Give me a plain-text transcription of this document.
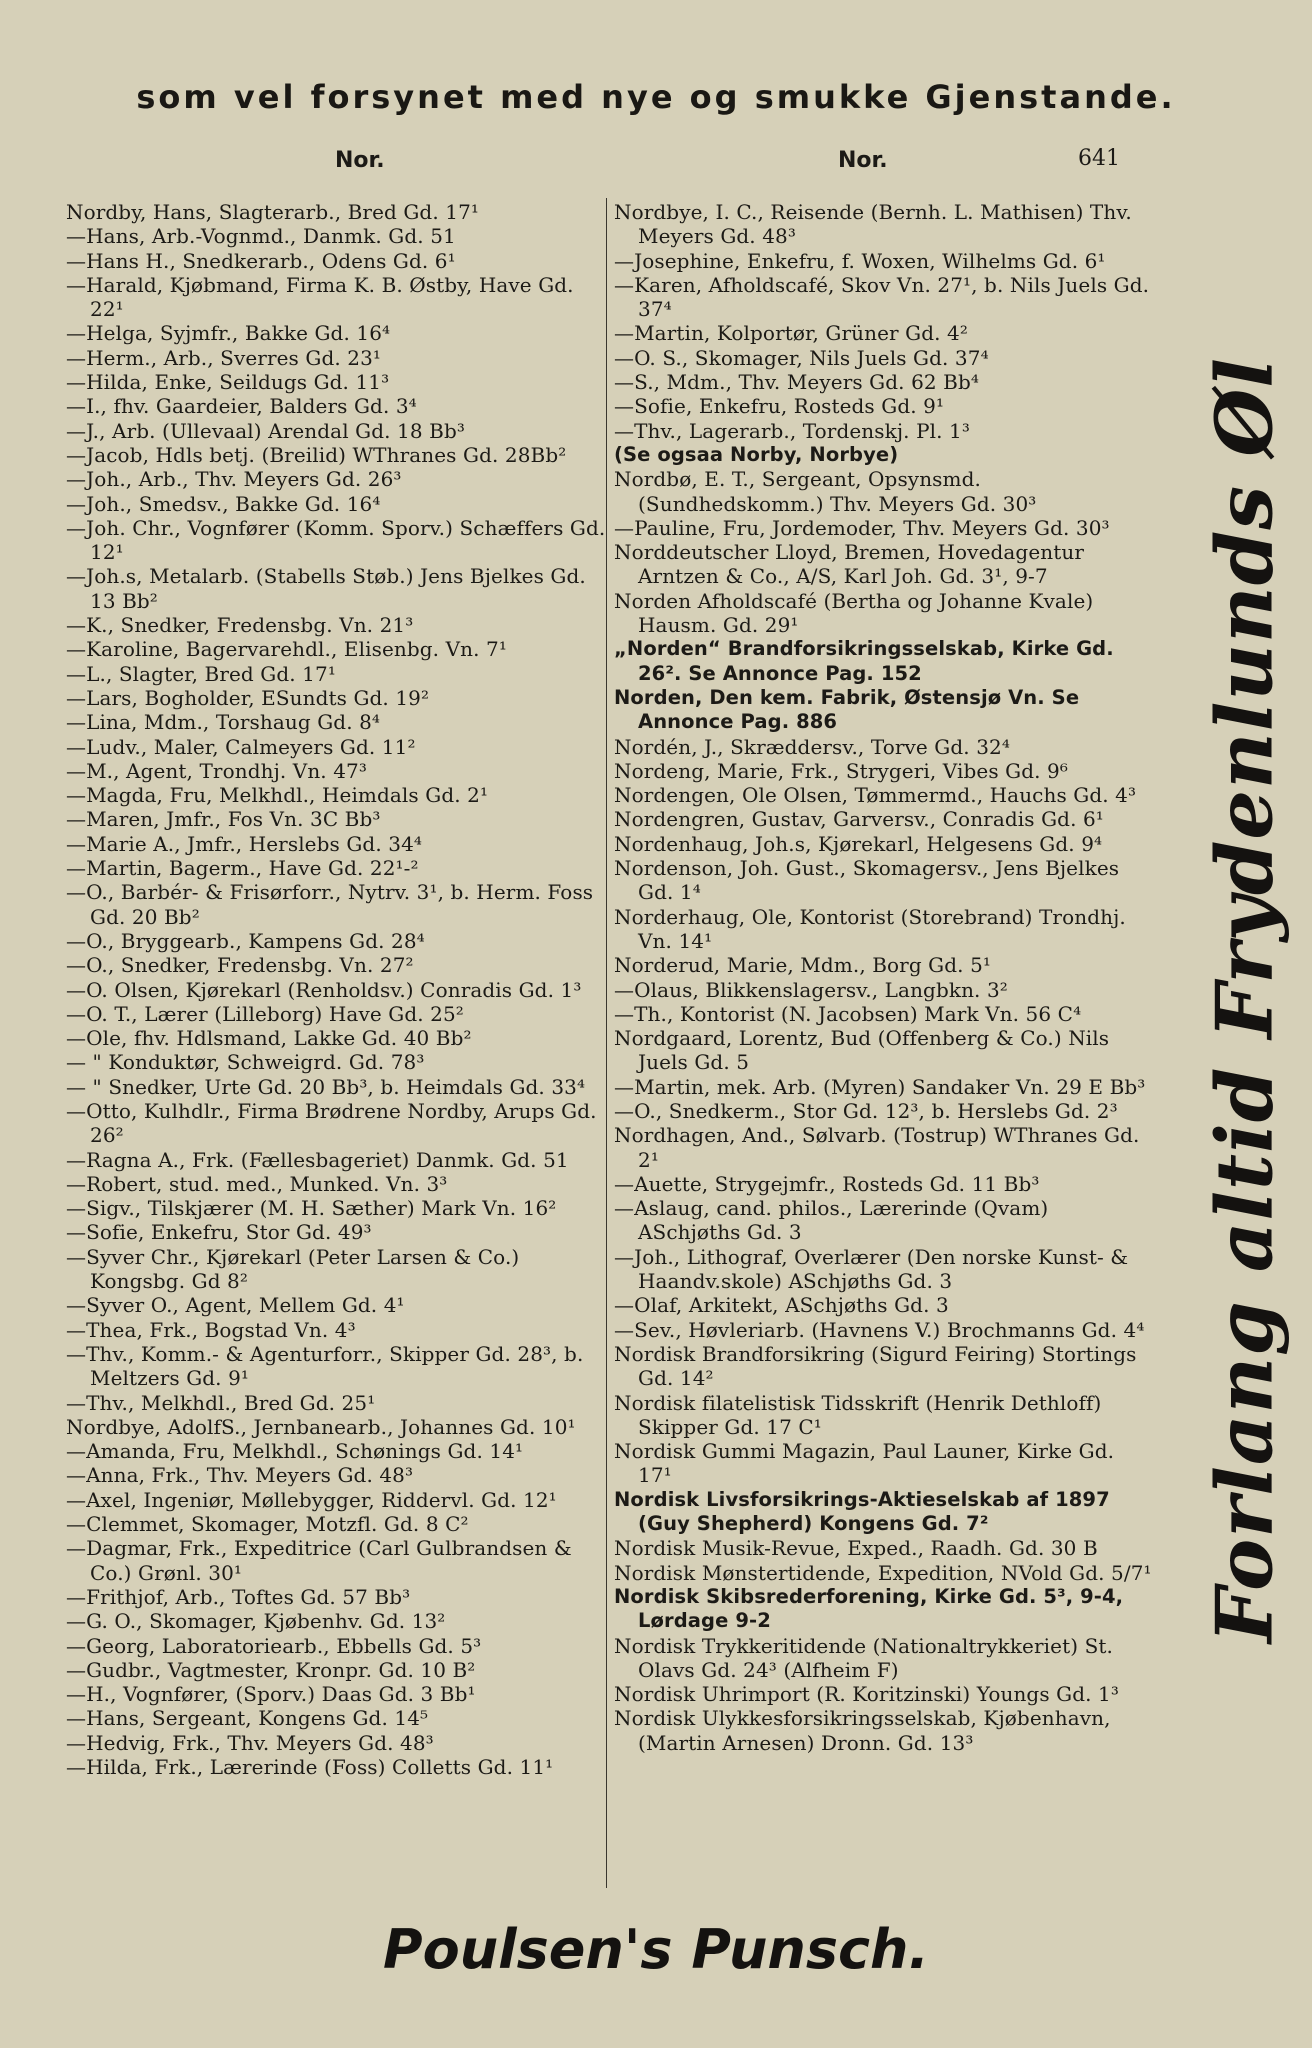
som vel forsynet med nye og smukke Gjenstande.
Nor.	Nor.	641
Nordby, Hans, Slagterarb., Bred Gd. 17¹
—Hans, Arb.-Vognmd., Danmk. Gd. 51
—Hans H., Snedkerarb., Odens Gd. 6¹
—Harald, Kjøbmand, Firma K. B. Østby, Have Gd. 22¹
—Helga, Syjmfr., Bakke Gd. 16⁴
—Herm., Arb., Sverres Gd. 23¹
—Hilda, Enke, Seildugs Gd. 11³
—I., fhv. Gaardeier, Balders Gd. 3⁴
—J., Arb. (Ullevaal) Arendal Gd. 18 Bb³
—Jacob, Hdls betj. (Breilid) WThranes Gd. 28Bb²
—Joh., Arb., Thv. Meyers Gd. 26³
—Joh., Smedsv., Bakke Gd. 16⁴
—Joh. Chr., Vognfører (Komm. Sporv.) Schæffers Gd. 12¹
—Joh.s, Metalarb. (Stabells Støb.) Jens Bjelkes Gd. 13 Bb²
—K., Snedker, Fredensbg. Vn. 21³
—Karoline, Bagervarehdl., Elisenbg. Vn. 7¹
—L., Slagter, Bred Gd. 17¹
—Lars, Bogholder, ESundts Gd. 19²
—Lina, Mdm., Torshaug Gd. 8⁴
—Ludv., Maler, Calmeyers Gd. 11²
—M., Agent, Trondhj. Vn. 47³
—Magda, Fru, Melkhdl., Heimdals Gd. 2¹
—Maren, Jmfr., Fos Vn. 3C Bb³
—Marie A., Jmfr., Herslebs Gd. 34⁴
—Martin, Bagerm., Have Gd. 22¹-²
—O., Barbér- & Frisørforr., Nytrv. 3¹, b. Herm. Foss Gd. 20 Bb²
—O., Bryggearb., Kampens Gd. 28⁴
—O., Snedker, Fredensbg. Vn. 27²
—O. Olsen, Kjørekarl (Renholdsv.) Conradis Gd. 1³
—O. T., Lærer (Lilleborg) Have Gd. 25²
—Ole, fhv. Hdlsmand, Lakke Gd. 40 Bb²
— " Konduktør, Schweigrd. Gd. 78³
— " Snedker, Urte Gd. 20 Bb³, b. Heimdals Gd. 33⁴
—Otto, Kulhdlr., Firma Brødrene Nordby, Arups Gd. 26²
—Ragna A., Frk. (Fællesbageriet) Danmk. Gd. 51
—Robert, stud. med., Munked. Vn. 3³
—Sigv., Tilskjærer (M. H. Sæther) Mark Vn. 16²
—Sofie, Enkefru, Stor Gd. 49³
—Syver Chr., Kjørekarl (Peter Larsen & Co.) Kongsbg. Gd 8²
—Syver O., Agent, Mellem Gd. 4¹
—Thea, Frk., Bogstad Vn. 4³
—Thv., Komm.- & Agenturforr., Skipper Gd. 28³, b. Meltzers Gd. 9¹
—Thv., Melkhdl., Bred Gd. 25¹
Nordbye, AdolfS., Jernbanearb., Johannes Gd. 10¹
—Amanda, Fru, Melkhdl., Schønings Gd. 14¹
—Anna, Frk., Thv. Meyers Gd. 48³
—Axel, Ingeniør, Møllebygger, Riddervl. Gd. 12¹
—Clemmet, Skomager, Motzfl. Gd. 8 C²
—Dagmar, Frk., Expeditrice (Carl Gulbrandsen & Co.) Grønl. 30¹
—Frithjof, Arb., Toftes Gd. 57 Bb³
—G. O., Skomager, Kjøbenhv. Gd. 13²
—Georg, Laboratoriearb., Ebbells Gd. 5³
—Gudbr., Vagtmester, Kronpr. Gd. 10 B²
—H., Vognfører, (Sporv.) Daas Gd. 3 Bb¹
—Hans, Sergeant, Kongens Gd. 14⁵
—Hedvig, Frk., Thv. Meyers Gd. 48³
—Hilda, Frk., Lærerinde (Foss) Colletts Gd. 11¹
Nordbye, I. C., Reisende (Bernh. L. Mathisen) Thv. Meyers Gd. 48³
—Josephine, Enkefru, f. Woxen, Wilhelms Gd. 6¹
—Karen, Afholdscafé, Skov Vn. 27¹, b. Nils Juels Gd. 37⁴
—Martin, Kolportør, Grüner Gd. 4²
—O. S., Skomager, Nils Juels Gd. 37⁴
—S., Mdm., Thv. Meyers Gd. 62 Bb⁴
—Sofie, Enkefru, Rosteds Gd. 9¹
—Thv., Lagerarb., Tordenskj. Pl. 1³
(Se ogsaa Norby, Norbye)
Nordbø, E. T., Sergeant, Opsynsmd. (Sundhedskomm.) Thv. Meyers Gd. 30³
—Pauline, Fru, Jordemoder, Thv. Meyers Gd. 30³
Norddeutscher Lloyd, Bremen, Hovedagentur Arntzen & Co., A/S, Karl Joh. Gd. 3¹, 9-7
Norden Afholdscafé (Bertha og Johanne Kvale) Hausm. Gd. 29¹
„Norden“ Brandforsikringsselskab, Kirke Gd. 26². Se Annonce Pag. 152
Norden, Den kem. Fabrik, Østensjø Vn. Se Annonce Pag. 886
Nordén, J., Skræddersv., Torve Gd. 32⁴
Nordeng, Marie, Frk., Strygeri, Vibes Gd. 9⁶
Nordengen, Ole Olsen, Tømmermd., Hauchs Gd. 4³
Nordengren, Gustav, Garversv., Conradis Gd. 6¹
Nordenhaug, Joh.s, Kjørekarl, Helgesens Gd. 9⁴
Nordenson, Joh. Gust., Skomagersv., Jens Bjelkes Gd. 1⁴
Norderhaug, Ole, Kontorist (Storebrand) Trondhj. Vn. 14¹
Norderud, Marie, Mdm., Borg Gd. 5¹
—Olaus, Blikkenslagersv., Langbkn. 3²
—Th., Kontorist (N. Jacobsen) Mark Vn. 56 C⁴
Nordgaard, Lorentz, Bud (Offenberg & Co.) Nils Juels Gd. 5
—Martin, mek. Arb. (Myren) Sandaker Vn. 29 E Bb³
—O., Snedkerm., Stor Gd. 12³, b. Herslebs Gd. 2³
Nordhagen, And., Sølvarb. (Tostrup) WThranes Gd. 2¹
—Auette, Strygejmfr., Rosteds Gd. 11 Bb³
—Aslaug, cand. philos., Lærerinde (Qvam) ASchjøths Gd. 3
—Joh., Lithograf, Overlærer (Den norske Kunst- & Haandv.skole) ASchjøths Gd. 3
—Olaf, Arkitekt, ASchjøths Gd. 3
—Sev., Høvleriarb. (Havnens V.) Brochmanns Gd. 4⁴
Nordisk Brandforsikring (Sigurd Feiring) Stortings Gd. 14²
Nordisk filatelistisk Tidsskrift (Henrik Dethloff) Skipper Gd. 17 C¹
Nordisk Gummi Magazin, Paul Launer, Kirke Gd. 17¹
Nordisk Livsforsikrings-Aktieselskab af 1897 (Guy Shepherd) Kongens Gd. 7²
Nordisk Musik-Revue, Exped., Raadh. Gd. 30 B
Nordisk Mønstertidende, Expedition, NVold Gd. 5/7¹
Nordisk Skibsrederforening, Kirke Gd. 5³, 9-4, Lørdage 9-2
Nordisk Trykkeritidende (Nationaltrykkeriet) St. Olavs Gd. 24³ (Alfheim F)
Nordisk Uhrimport (R. Koritzinski) Youngs Gd. 1³
Nordisk Ulykkesforsikringsselskab, Kjøbenhavn, (Martin Arnesen) Dronn. Gd. 13³
Forlang altid Frydenlunds Øl
Poulsen's Punsch.
